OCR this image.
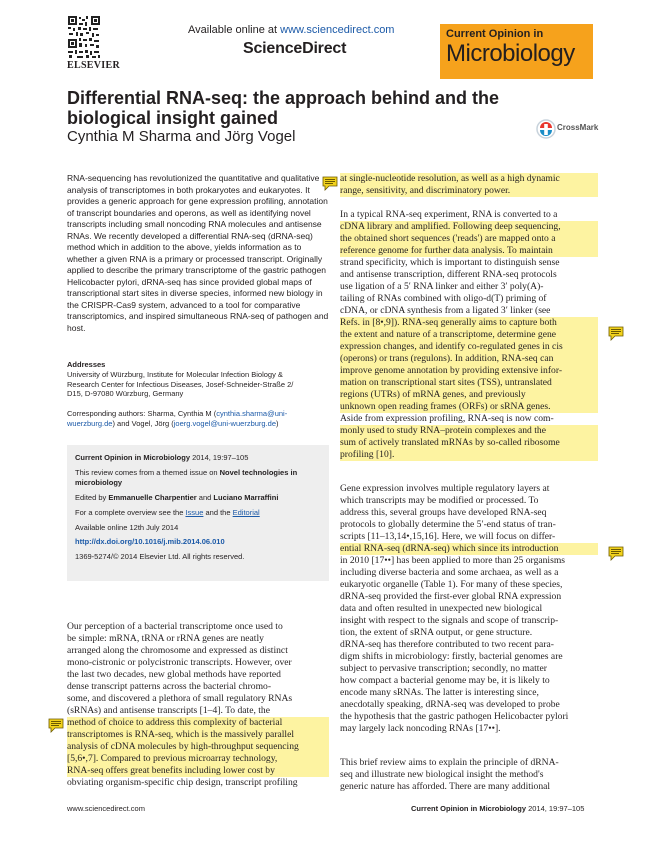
ELSEVIER
Available online at www.sciencedirect.com
ScienceDirect
Current Opinion in
Microbiology
Differential RNA-seq: the approach behind and the biological insight gained
Cynthia M Sharma and Jörg Vogel
CrossMark

RNA-sequencing has revolutionized the quantitative and qualitative analysis of transcriptomes in both prokaryotes and eukaryotes. It provides a generic approach for gene expression profiling, annotation of transcript boundaries and operons, as well as identifying novel transcripts including small noncoding RNA molecules and antisense RNAs. We recently developed a differential RNA-seq (dRNA-seq) method which in addition to the above, yields information as to whether a given RNA is a primary or processed transcript. Originally applied to describe the primary transcriptome of the gastric pathogen Helicobacter pylori, dRNA-seq has since provided global maps of transcriptional start sites in diverse species, informed new biology in the CRISPR-Cas9 system, advanced to a tool for comparative transcriptomics, and inspired simultaneous RNA-seq of pathogen and host.

Addresses
University of Würzburg, Institute for Molecular Infection Biology &
Research Center for Infectious Diseases, Josef-Schneider-Straße 2/
D15, D-97080 Würzburg, Germany
Corresponding authors: Sharma, Cynthia M (cynthia.sharma@uni-
wuerzburg.de) and Vogel, Jörg (joerg.vogel@uni-wuerzburg.de)
Current Opinion in Microbiology 2014, 19:97–105
This review comes from a themed issue on Novel technologies in
microbiology
Edited by Emmanuelle Charpentier and Luciano Marraffini
For a complete overview see the Issue and the Editorial
Available online 12th July 2014
http://dx.doi.org/10.1016/j.mib.2014.06.010
1369-5274/© 2014 Elsevier Ltd. All rights reserved.
Our perception of a bacterial transcriptome once used to
be simple: mRNA, tRNA or rRNA genes are neatly
arranged along the chromosome and expressed as distinct
mono-cistronic or polycistronic transcripts. However, over
the last two decades, new global methods have reported
dense transcript patterns across the bacterial chromo-
some, and discovered a plethora of small regulatory RNAs
(sRNAs) and antisense transcripts [1–4]. To date, the
method of choice to address this complexity of bacterial
transcriptomes is RNA-seq, which is the massively parallel
analysis of cDNA molecules by high-throughput sequencing
[5,6•,7]. Compared to previous microarray technology,
RNA-seq offers great benefits including lower cost by
obviating organism-specific chip design, transcript profiling
at single-nucleotide resolution, as well as a high dynamic
range, sensitivity, and discriminatory power.
In a typical RNA-seq experiment, RNA is converted to a
cDNA library and amplified. Following deep sequencing,
the obtained short sequences ('reads') are mapped onto a
reference genome for further data analysis. To maintain
strand specificity, which is important to distinguish sense
and antisense transcription, different RNA-seq protocols
use ligation of a 5′ RNA linker and either 3′ poly(A)-
tailing of RNAs combined with oligo-d(T) priming of
cDNA, or cDNA synthesis from a ligated 3′ linker (see
Refs. in [8•,9]). RNA-seq generally aims to capture both
the extent and nature of a transcriptome, determine gene
expression changes, and identify co-regulated genes in cis
(operons) or trans (regulons). In addition, RNA-seq can
improve genome annotation by providing extensive infor-
mation on transcriptional start sites (TSS), untranslated
regions (UTRs) of mRNA genes, and previously
unknown open reading frames (ORFs) or sRNA genes.
Aside from expression profiling, RNA-seq is now com-
monly used to study RNA–protein complexes and the
sum of actively translated mRNAs by so-called ribosome
profiling [10].
Gene expression involves multiple regulatory layers at
which transcripts may be modified or processed. To
address this, several groups have developed RNA-seq
protocols to globally determine the 5′-end status of tran-
scripts [11–13,14•,15,16]. Here, we will focus on differ-
ential RNA-seq (dRNA-seq) which since its introduction
in 2010 [17••] has been applied to more than 25 organisms
including diverse bacteria and some archaea, as well as a
eukaryotic organelle (Table 1). For many of these species,
dRNA-seq provided the first-ever global RNA expression
data and often resulted in unexpected new biological
insight with respect to the signals and scope of transcrip-
tion, the extent of sRNA output, or gene structure.
dRNA-seq has therefore contributed to two recent para-
digm shifts in microbiology: firstly, bacterial genomes are
subject to pervasive transcription; secondly, no matter
how compact a bacterial genome may be, it is likely to
encode many sRNAs. The latter is interesting since,
anecdotally speaking, dRNA-seq was developed to probe
the hypothesis that the gastric pathogen Helicobacter pylori
may largely lack noncoding RNAs [17••].
This brief review aims to explain the principle of dRNA-
seq and illustrate new biological insight the method's
generic nature has afforded. There are many additional
www.sciencedirect.com	Current Opinion in Microbiology 2014, 19:97–105
